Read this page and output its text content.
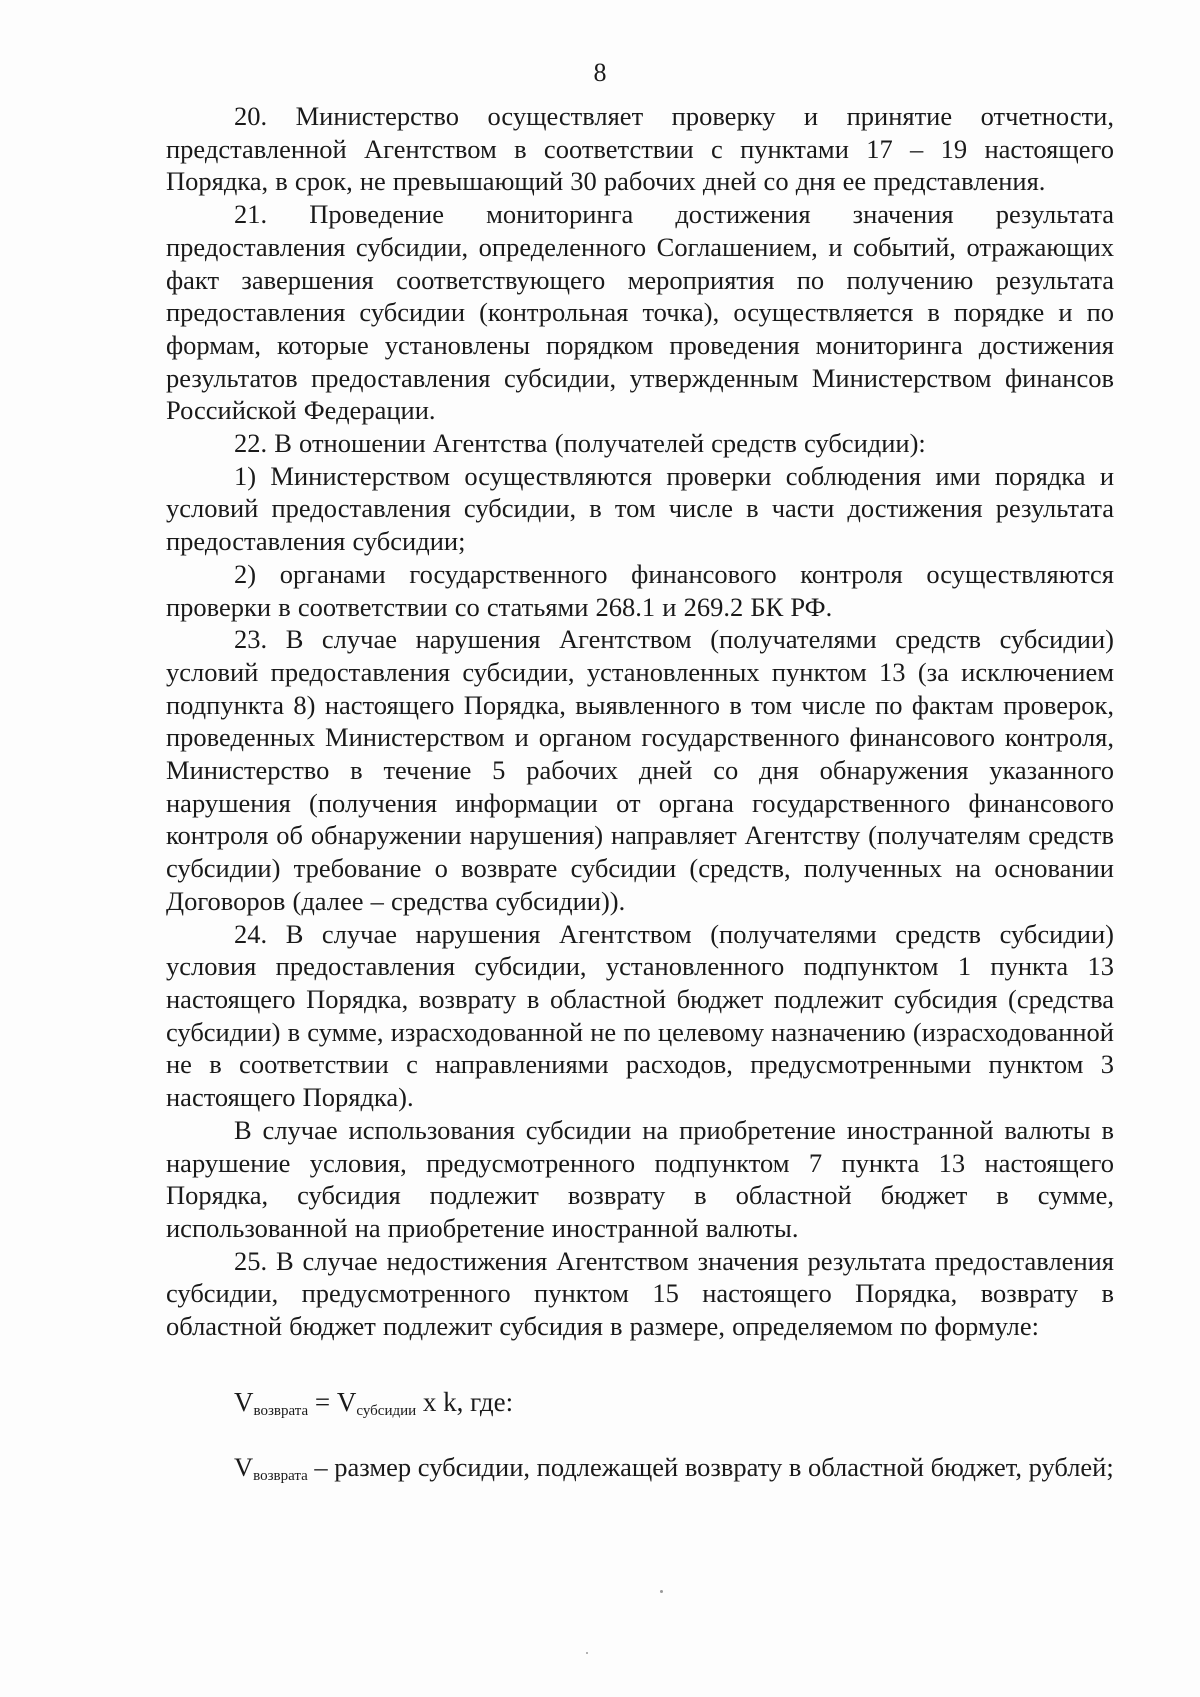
8

20. Министерство осуществляет проверку и принятие отчетности, представленной Агентством в соответствии с пунктами 17 – 19 настоящего Порядка, в срок, не превышающий 30 рабочих дней со дня ее представления.

21. Проведение мониторинга достижения значения результата предоставления субсидии, определенного Соглашением, и событий, отражающих факт завершения соответствующего мероприятия по получению результата предоставления субсидии (контрольная точка), осуществляется в порядке и по формам, которые установлены порядком проведения мониторинга достижения результатов предоставления субсидии, утвержденным Министерством финансов Российской Федерации.

22. В отношении Агентства (получателей средств субсидии):

1) Министерством осуществляются проверки соблюдения ими порядка и условий предоставления субсидии, в том числе в части достижения результата предоставления субсидии;

2) органами государственного финансового контроля осуществляются проверки в соответствии со статьями 268.1 и 269.2 БК РФ.

23. В случае нарушения Агентством (получателями средств субсидии) условий предоставления субсидии, установленных пунктом 13 (за исключением подпункта 8) настоящего Порядка, выявленного в том числе по фактам проверок, проведенных Министерством и органом государственного финансового контроля, Министерство в течение 5 рабочих дней со дня обнаружения указанного нарушения (получения информации от органа государственного финансового контроля об обнаружении нарушения) направляет Агентству (получателям средств субсидии) требование о возврате субсидии (средств, полученных на основании Договоров (далее – средства субсидии)).

24. В случае нарушения Агентством (получателями средств субсидии) условия предоставления субсидии, установленного подпунктом 1 пункта 13 настоящего Порядка, возврату в областной бюджет подлежит субсидия (средства субсидии) в сумме, израсходованной не по целевому назначению (израсходованной не в соответствии с направлениями расходов, предусмотренными пунктом 3 настоящего Порядка).

В случае использования субсидии на приобретение иностранной валюты в нарушение условия, предусмотренного подпунктом 7 пункта 13 настоящего Порядка, субсидия подлежит возврату в областной бюджет в сумме, использованной на приобретение иностранной валюты.

25. В случае недостижения Агентством значения результата предоставления субсидии, предусмотренного пунктом 15 настоящего Порядка, возврату в областной бюджет подлежит субсидия в размере, определяемом по формуле:

$V_{возврата} = V_{субсидии}$ x k, где:
$V_{возврата}$ – размер субсидии, подлежащей возврату в областной бюджет, рублей;
